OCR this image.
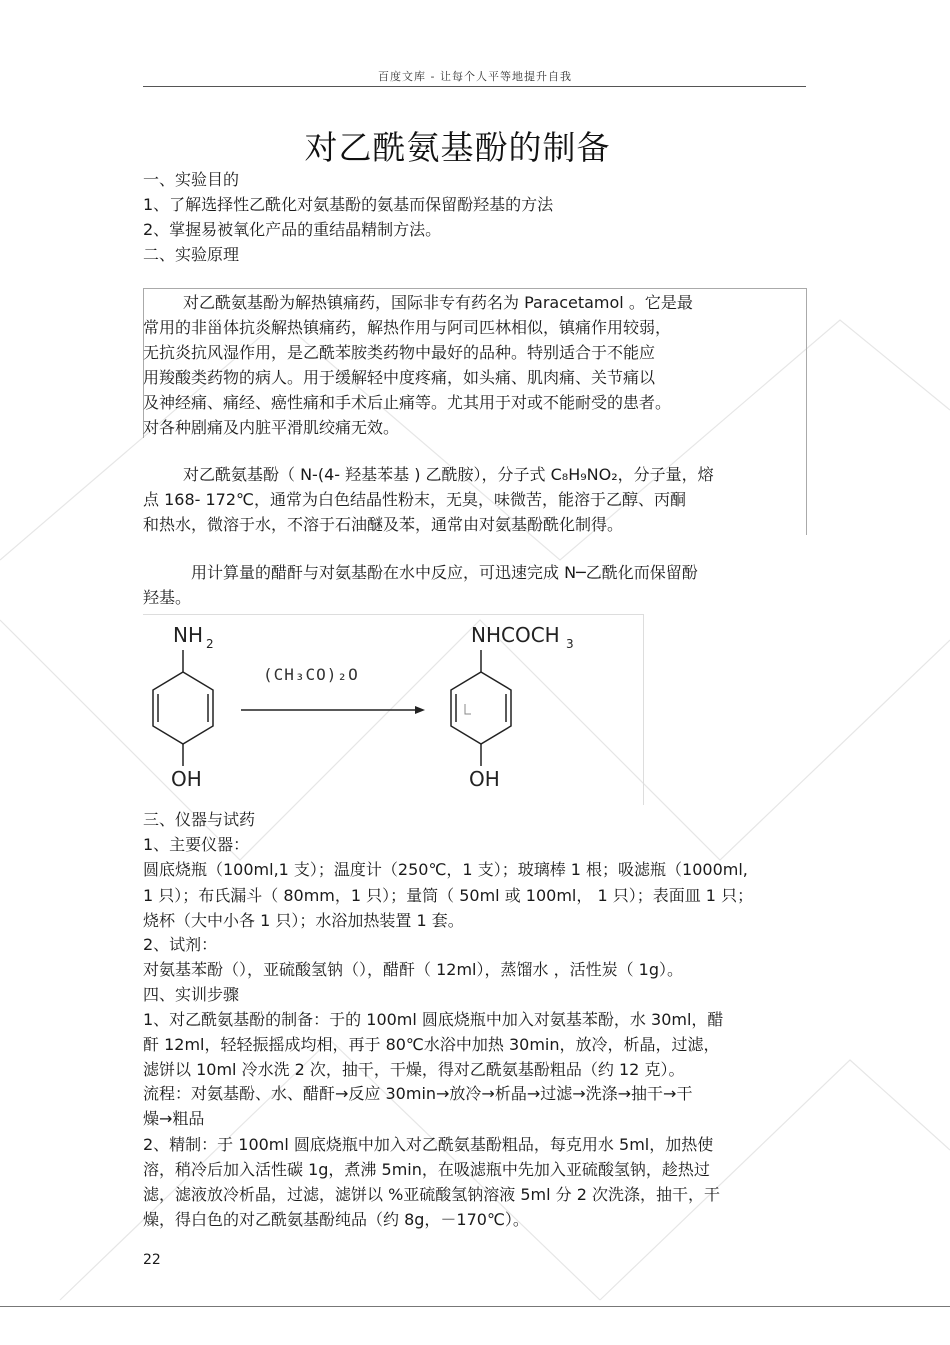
百度文库 - 让每个人平等地提升自我
对乙酰氨基酚的制备
一、实验目的
1、了解选择性乙酰化对氨基酚的氨基而保留酚羟基的方法
2、掌握易被氧化产品的重结晶精制方法。
二、实验原理

对乙酰氨基酚为解热镇痛药，国际非专有药名为 Paracetamol 。它是最

常用的非甾体抗炎解热镇痛药，解热作用与阿司匹林相似，镇痛作用较弱，

无抗炎抗风湿作用，是乙酰苯胺类药物中最好的品种。特别适合于不能应

用羧酸类药物的病人。用于缓解轻中度疼痛，如头痛、肌肉痛、关节痛以

及神经痛、痛经、癌性痛和手术后止痛等。尤其用于对或不能耐受的患者。

对各种剧痛及内脏平滑肌绞痛无效。

对乙酰氨基酚（ N-(4- 羟基苯基 ) 乙酰胺），分子式 C₈H₉NO₂，分子量，熔

点 168- 172℃，通常为白色结晶性粉末，无臭，味微苦，能溶于乙醇、丙酮

和热水，微溶于水，不溶于石油醚及苯，通常由对氨基酚酰化制得。

用计算量的醋酐与对氨基酚在水中反应，可迅速完成 N─乙酰化而保留酚

羟基。

NH 2
OH
(CH₃CO)₂O
NHCOCH 3
OH
三、仪器与试药
1、主要仪器：
圆底烧瓶（100ml,1 支）；温度计（250℃，1 支）；玻璃棒 1 根；吸滤瓶（1000ml,
1 只）；布氏漏斗（ 80mm，1 只）；量筒（ 50ml 或 100ml， 1 只）；表面皿 1 只；
烧杯（大中小各 1 只）；水浴加热装置 1 套。
2、试剂：
对氨基苯酚（），亚硫酸氢钠（），醋酐（ 12ml），蒸馏水 ，活性炭（ 1g）。
四、实训步骤
1、对乙酰氨基酚的制备：于的 100ml 圆底烧瓶中加入对氨基苯酚，水 30ml，醋
酐 12ml，轻轻振摇成均相，再于 80℃水浴中加热 30min，放冷，析晶，过滤，
滤饼以 10ml 冷水洗 2 次，抽干，干燥，得对乙酰氨基酚粗品（约 12 克）。
流程：对氨基酚、水、醋酐→反应 30min→放冷→析晶→过滤→洗涤→抽干→干
燥→粗品
2、精制：于 100ml 圆底烧瓶中加入对乙酰氨基酚粗品，每克用水 5ml，加热使
溶，稍冷后加入活性碳 1g，煮沸 5min，在吸滤瓶中先加入亚硫酸氢钠，趁热过
滤，滤液放冷析晶，过滤，滤饼以 %亚硫酸氢钠溶液 5ml 分 2 次洗涤，抽干，干
燥，得白色的对乙酰氨基酚纯品（约 8g，－170℃）。
22
